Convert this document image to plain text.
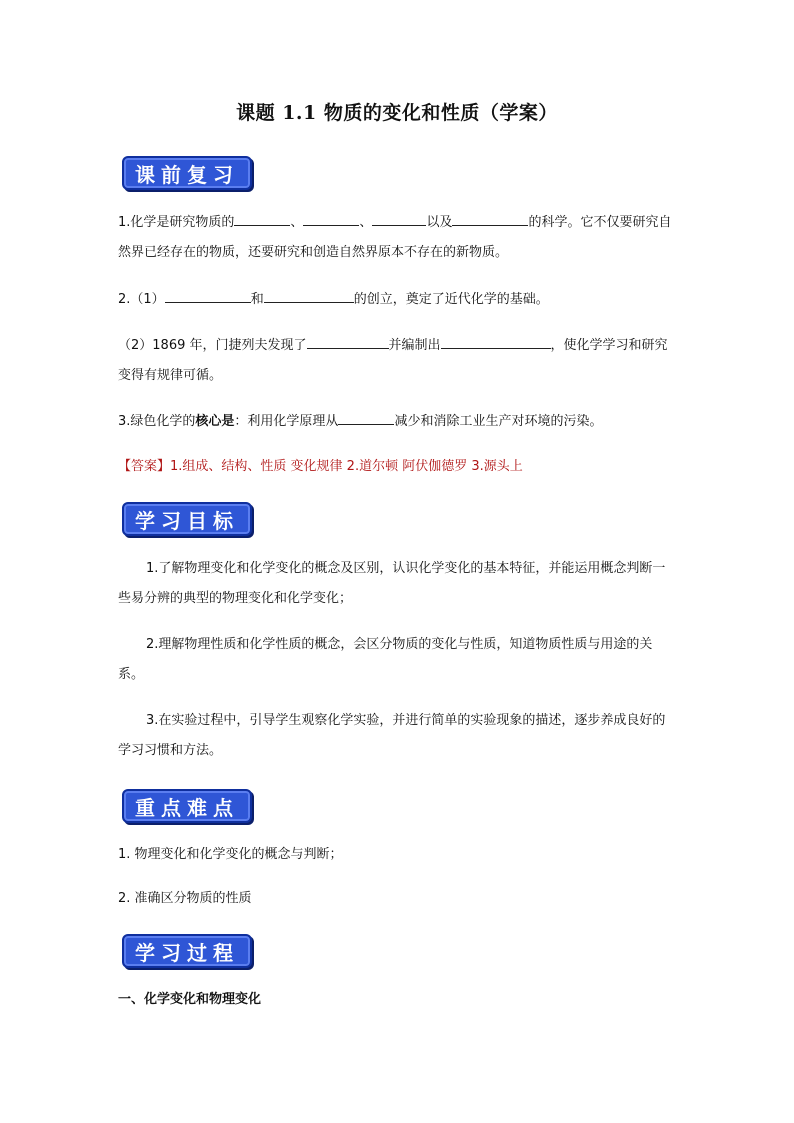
课题 1.1 物质的变化和性质（学案）
课前复习
1.化学是研究物质的	、	、	以及	的科学。它不仅要研究自然界已经存在的物质，还要研究和创造自然界原本不存在的新物质。
2.（1）	和	的创立，奠定了近代化学的基础。
（2）1869 年，门捷列夫发现了	并编制出	，使化学学习和研究变得有规律可循。
3.绿色化学的核心是：利用化学原理从	减少和消除工业生产对环境的污染。
【答案】1.组成、结构、性质 变化规律 2.道尔顿 阿伏伽德罗 3.源头上
学习目标
1.了解物理变化和化学变化的概念及区别，认识化学变化的基本特征，并能运用概念判断一些易分辨的典型的物理变化和化学变化；
2.理解物理性质和化学性质的概念，会区分物质的变化与性质，知道物质性质与用途的关系。
3.在实验过程中，引导学生观察化学实验，并进行简单的实验现象的描述，逐步养成良好的学习习惯和方法。
重点难点
1. 物理变化和化学变化的概念与判断；
2. 准确区分物质的性质
学习过程
一、化学变化和物理变化
